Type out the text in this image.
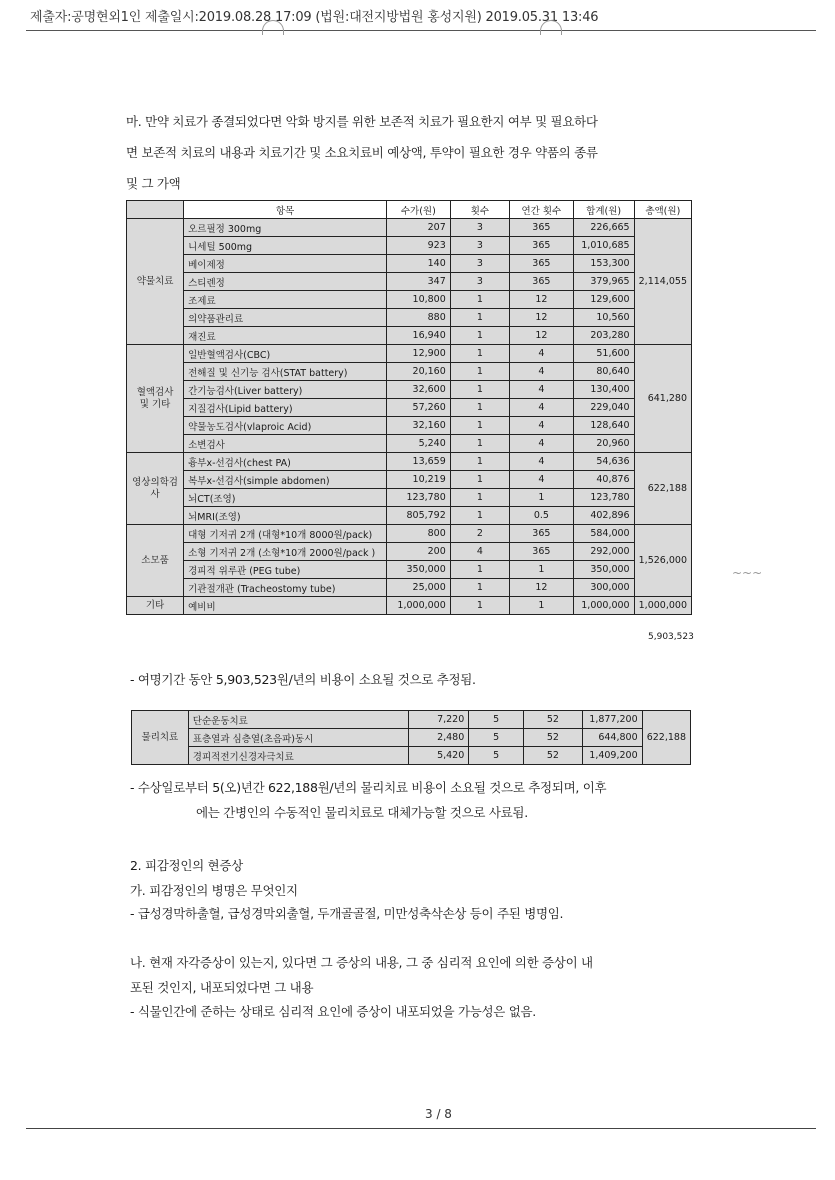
제출자:공명현외1인 제출일시:2019.08.28 17:09 (법원:대전지방법원 홍성지원) 2019.05.31 13:46
마. 만약 치료가 종결되었다면 악화 방지를 위한 보존적 치료가 필요한지 여부 및 필요하다
면 보존적 치료의 내용과 치료기간 및 소요치료비 예상액, 투약이 필요한 경우 약품의 종류
및 그 가액
	항목	수가(원)	횟수	연간 횟수	합계(원)	총액(원)
약물치료	오르필정 300mg	207	3	365	226,665	2,114,055
	니세틸 500mg	923	3	365	1,010,685	
	베이제정	140	3	365	153,300	
	스티렌정	347	3	365	379,965	
	조제료	10,800	1	12	129,600	
	의약품관리료	880	1	12	10,560	
	재진료	16,940	1	12	203,280	
혈액검사 및 기타	일반혈액검사(CBC)	12,900	1	4	51,600	641,280
	전해질 및 신기능 검사(STAT battery)	20,160	1	4	80,640	
	간기능검사(Liver battery)	32,600	1	4	130,400	
	지질검사(Lipid battery)	57,260	1	4	229,040	
	약물농도검사(vlaproic Acid)	32,160	1	4	128,640	
	소변검사	5,240	1	4	20,960	
영상의학검사	흉부x-선검사(chest PA)	13,659	1	4	54,636	622,188
	복부x-선검사(simple abdomen)	10,219	1	4	40,876	
	뇌CT(조영)	123,780	1	1	123,780	
	뇌MRI(조영)	805,792	1	0.5	402,896	
소모품	대형 기저귀 2개 (대형*10개 8000원/pack)	800	2	365	584,000	1,526,000
	소형 기저귀 2개 (소형*10개 2000원/pack )	200	4	365	292,000	
	경피적 위루관 (PEG tube)	350,000	1	1	350,000	
	기관절개관 (Tracheostomy tube)	25,000	1	12	300,000	
기타	예비비	1,000,000	1	1	1,000,000	1,000,000
5,903,523
- 여명기간 동안 5,903,523원/년의 비용이 소요될 것으로 추정됨.
물리치료	단순운동치료	7,220	5	52	1,877,200	622,188
	표층열과 심층열(초음파)동시	2,480	5	52	644,800	
	경피적전기신경자극치료	5,420	5	52	1,409,200	
~~~
- 수상일로부터 5(오)년간 622,188원/년의 물리치료 비용이 소요될 것으로 추정되며, 이후
에는 간병인의 수동적인 물리치료로 대체가능할 것으로 사료됨.
2. 피감정인의 현증상
가. 피감정인의 병명은 무엇인지
- 급성경막하출혈, 급성경막외출혈, 두개골골절, 미만성축삭손상 등이 주된 병명임.
나. 현재 자각증상이 있는지, 있다면 그 증상의 내용, 그 중 심리적 요인에 의한 증상이 내
포된 것인지, 내포되었다면 그 내용
- 식물인간에 준하는 상태로 심리적 요인에 증상이 내포되었을 가능성은 없음.
3 / 8
